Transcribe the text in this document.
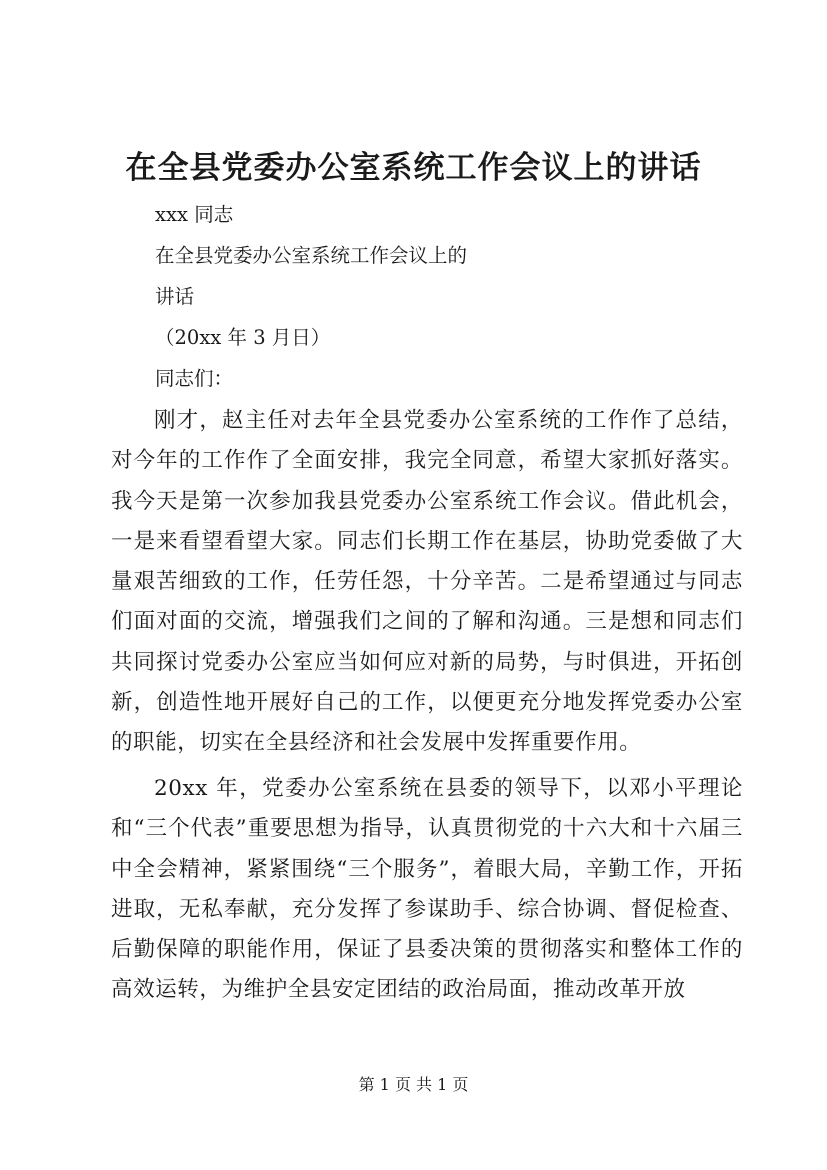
在全县党委办公室系统工作会议上的讲话
xxx 同志
在全县党委办公室系统工作会议上的
讲话
（20xx 年 3 月日）
同志们：
刚才，赵主任对去年全县党委办公室系统的工作作了总结，对今年的工作作了全面安排，我完全同意，希望大家抓好落实。我今天是第一次参加我县党委办公室系统工作会议。借此机会，一是来看望看望大家。同志们长期工作在基层，协助党委做了大量艰苦细致的工作，任劳任怨，十分辛苦。二是希望通过与同志们面对面的交流，增强我们之间的了解和沟通。三是想和同志们共同探讨党委办公室应当如何应对新的局势，与时俱进，开拓创新，创造性地开展好自己的工作，以便更充分地发挥党委办公室的职能，切实在全县经济和社会发展中发挥重要作用。
20xx 年，党委办公室系统在县委的领导下，以邓小平理论和“三个代表”重要思想为指导，认真贯彻党的十六大和十六届三中全会精神，紧紧围绕“三个服务”，着眼大局，辛勤工作，开拓进取，无私奉献，充分发挥了参谋助手、综合协调、督促检查、后勤保障的职能作用，保证了县委决策的贯彻落实和整体工作的高效运转，为维护全县安定团结的政治局面，推动改革开放
第 1 页 共 1 页
